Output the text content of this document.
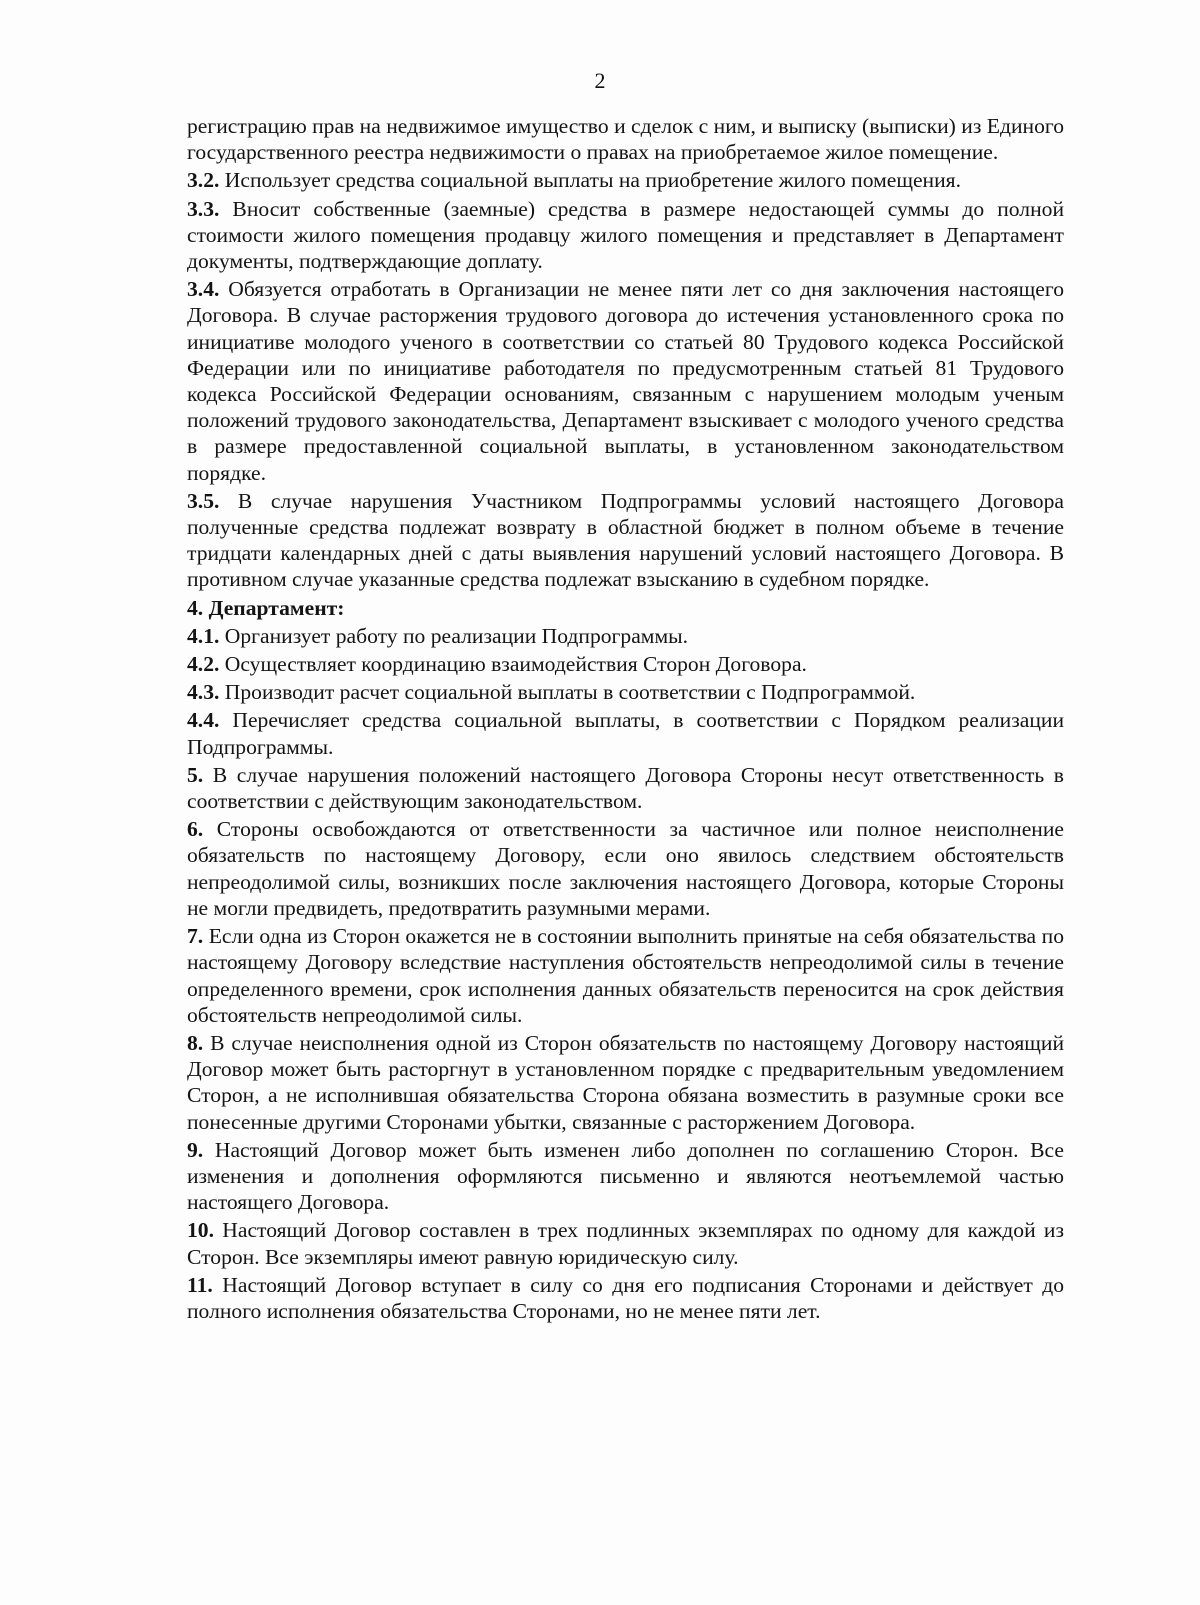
2

регистрацию прав на недвижимое имущество и сделок с ним, и выписку (выписки) из Единого государственного реестра недвижимости о правах на приобретаемое жилое помещение.

3.2. Использует средства социальной выплаты на приобретение жилого помещения.

3.3. Вносит собственные (заемные) средства в размере недостающей суммы до полной стоимости жилого помещения продавцу жилого помещения и представляет в Департамент документы, подтверждающие доплату.

3.4. Обязуется отработать в Организации не менее пяти лет со дня заключения настоящего Договора. В случае расторжения трудового договора до истечения установленного срока по инициативе молодого ученого в соответствии со статьей 80 Трудового кодекса Российской Федерации или по инициативе работодателя по предусмотренным статьей 81 Трудового кодекса Российской Федерации основаниям, связанным с нарушением молодым ученым положений трудового законодательства, Департамент взыскивает с молодого ученого средства в размере предоставленной социальной выплаты, в установленном законодательством порядке.

3.5. В случае нарушения Участником Подпрограммы условий настоящего Договора полученные средства подлежат возврату в областной бюджет в полном объеме в течение тридцати календарных дней с даты выявления нарушений условий настоящего Договора. В противном случае указанные средства подлежат взысканию в судебном порядке.

4. Департамент:

4.1. Организует работу по реализации Подпрограммы.

4.2. Осуществляет координацию взаимодействия Сторон Договора.

4.3. Производит расчет социальной выплаты в соответствии с Подпрограммой.

4.4. Перечисляет средства социальной выплаты, в соответствии с Порядком реализации Подпрограммы.

5. В случае нарушения положений настоящего Договора Стороны несут ответственность в соответствии с действующим законодательством.

6. Стороны освобождаются от ответственности за частичное или полное неисполнение обязательств по настоящему Договору, если оно явилось следствием обстоятельств непреодолимой силы, возникших после заключения настоящего Договора, которые Стороны не могли предвидеть, предотвратить разумными мерами.

7. Если одна из Сторон окажется не в состоянии выполнить принятые на себя обязательства по настоящему Договору вследствие наступления обстоятельств непреодолимой силы в течение определенного времени, срок исполнения данных обязательств переносится на срок действия обстоятельств непреодолимой силы.

8. В случае неисполнения одной из Сторон обязательств по настоящему Договору настоящий Договор может быть расторгнут в установленном порядке с предварительным уведомлением Сторон, а не исполнившая обязательства Сторона обязана возместить в разумные сроки все понесенные другими Сторонами убытки, связанные с расторжением Договора.

9. Настоящий Договор может быть изменен либо дополнен по соглашению Сторон. Все изменения и дополнения оформляются письменно и являются неотъемлемой частью настоящего Договора.

10. Настоящий Договор составлен в трех подлинных экземплярах по одному для каждой из Сторон. Все экземпляры имеют равную юридическую силу.

11. Настоящий Договор вступает в силу со дня его подписания Сторонами и действует до полного исполнения обязательства Сторонами, но не менее пяти лет.
